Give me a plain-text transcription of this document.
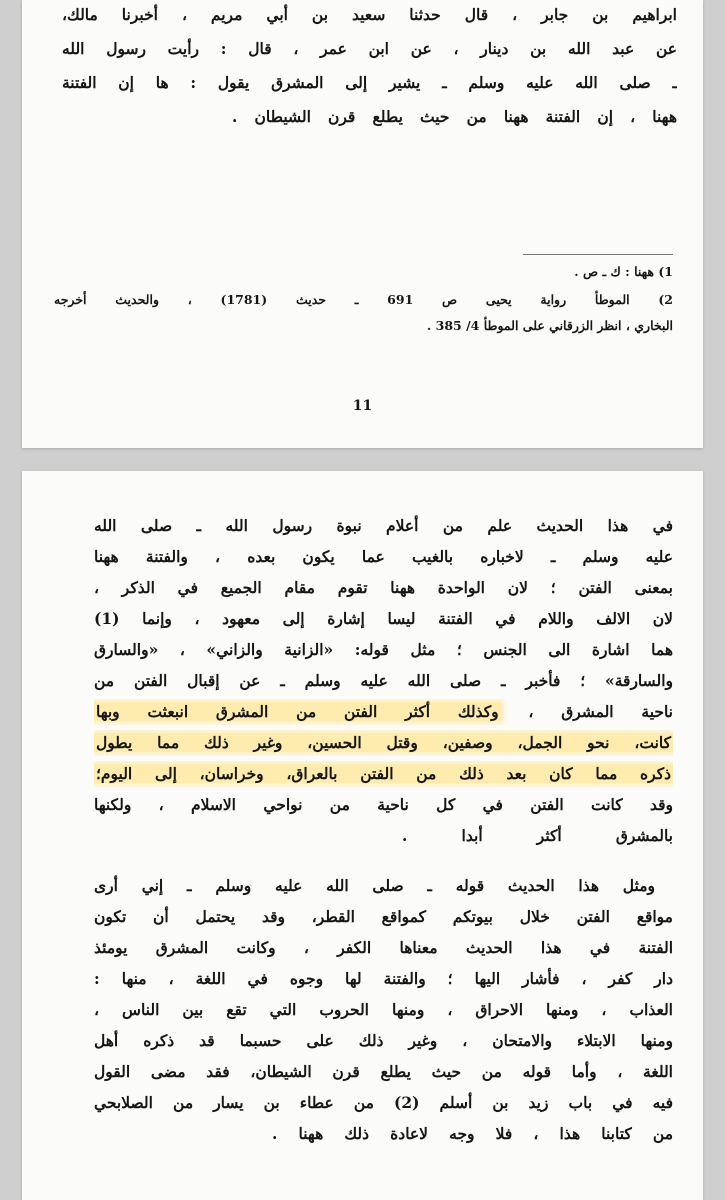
ابراهيم بن جابر ، قال حدثنا سعيد بن أبي مريم ، أخبرنا مالك،
عن عبد الله بن دينار ، عن ابن عمر ، قال : رأيت رسول الله
ـ صلى الله عليه وسلم ـ يشير إلى المشرق يقول : ها إن الفتنة
ههنا ، إن الفتنة ههنا من حيث يطلع قرن الشيطان .
1) ههنا : ك ـ ص .
2) الموطأ رواية يحيى ص 691 ـ حديث (1781) ، والحديث أخرجه
البخاري ، انظر الزرقاني على الموطأ 4/ 385 .
11
في هذا الحديث علم من أعلام نبوة رسول الله ـ صلى الله
عليه وسلم ـ لاخباره بالغيب عما يكون بعده ، والفتنة ههنا
بمعنى الفتن ؛ لان الواحدة ههنا تقوم مقام الجميع في الذكر ،
لان الالف واللام في الفتنة ليسا إشارة إلى معهود ، وإنما (1)
هما اشارة الى الجنس ؛ مثل قوله: «الزانية والزاني» ، «والسارق
والسارقة» ؛ فأخبر ـ صلى الله عليه وسلم ـ عن إقبال الفتن من
ناحية المشرق ، وكذلك أكثر الفتن من المشرق انبعثت وبها
كانت، نحو الجمل، وصفين، وقتل الحسين، وغير ذلك مما يطول
ذكره مما كان بعد ذلك من الفتن بالعراق، وخراسان، إلى اليوم؛
وقد كانت الفتن في كل ناحية من نواحي الاسلام ، ولكنها
بالمشرق أكثر أبدا .
ومثل هذا الحديث قوله ـ صلى الله عليه وسلم ـ إني أرى
مواقع الفتن خلال بيوتكم كمواقع القطر، وقد يحتمل أن تكون
الفتنة في هذا الحديث معناها الكفر ، وكانت المشرق يومئذ
دار كفر ، فأشار اليها ؛ والفتنة لها وجوه في اللغة ، منها :
العذاب ، ومنها الاحراق ، ومنها الحروب التي تقع بين الناس ،
ومنها الابتلاء والامتحان ، وغير ذلك على حسبما قد ذكره أهل
اللغة ، وأما قوله من حيث يطلع قرن الشيطان، فقد مضى القول
فيه في باب زيد بن أسلم (2) من عطاء بن يسار من الصلابحي
من كتابنا هذا ، فلا وجه لاعادة ذلك ههنا .
